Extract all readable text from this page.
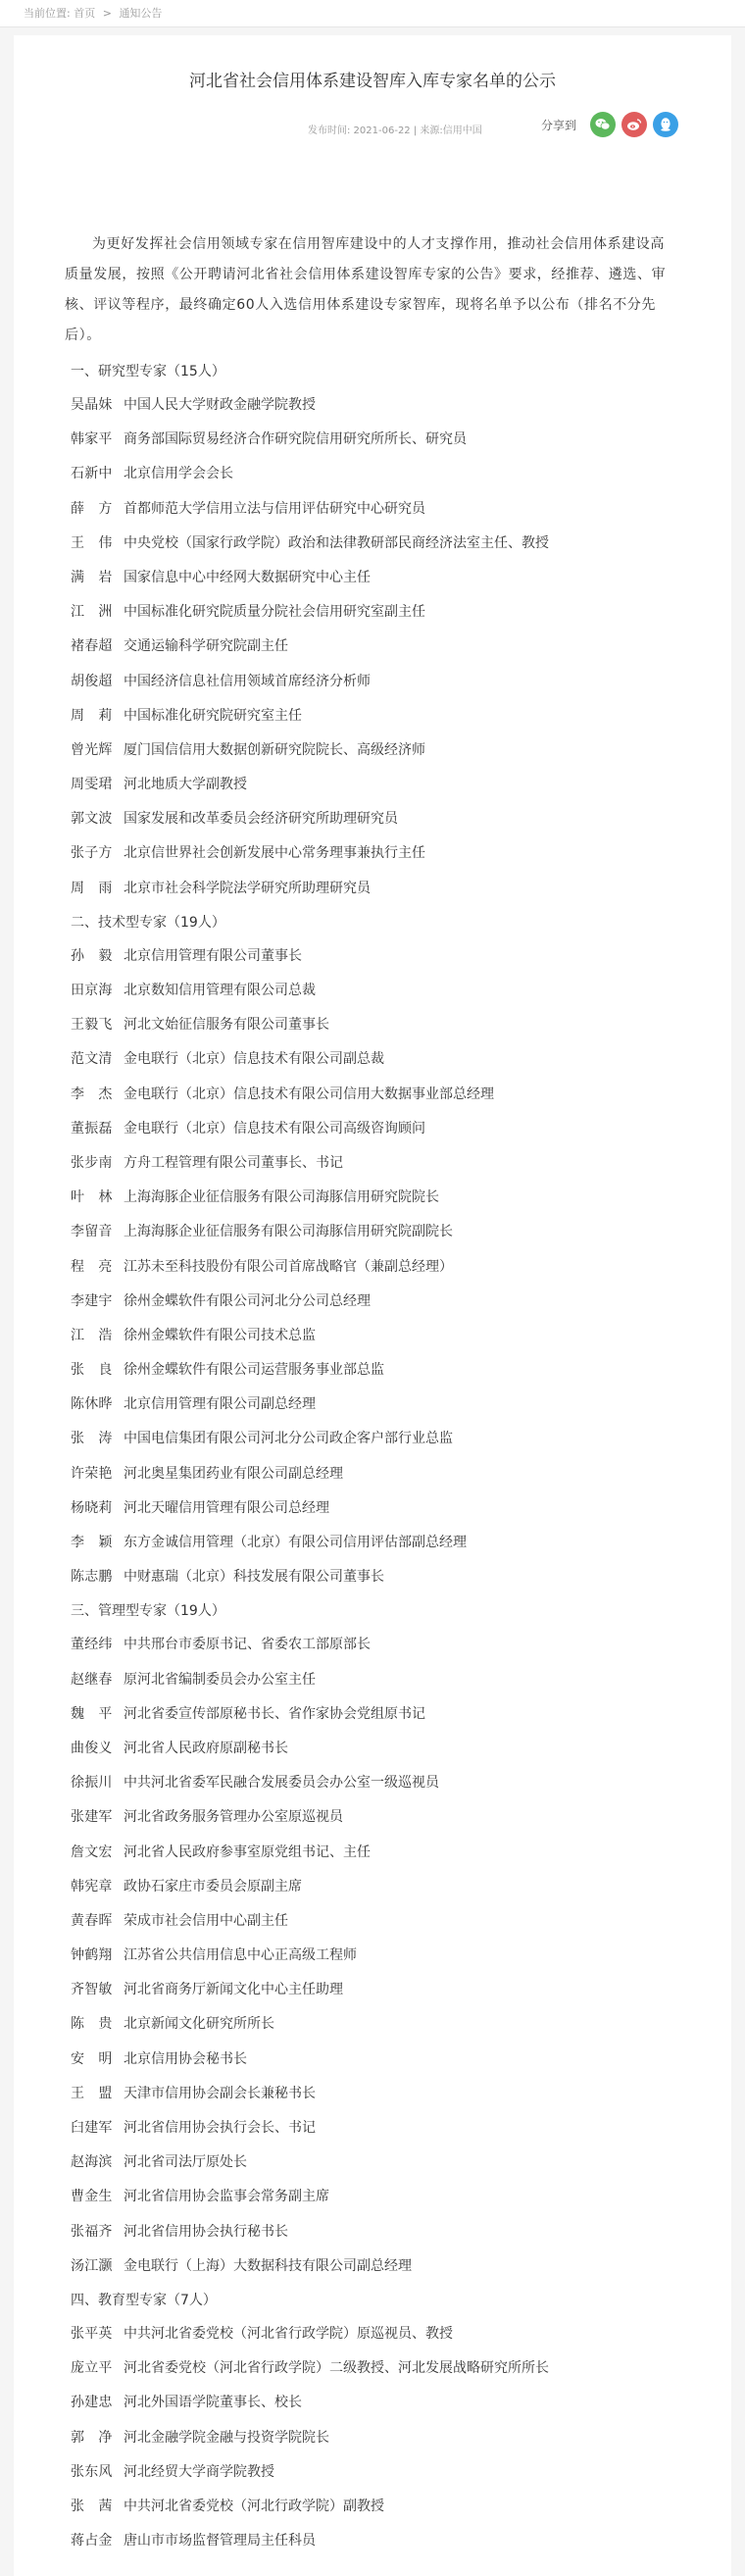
当前位置: 首页 > 通知公告
河北省社会信用体系建设智库入库专家名单的公示
发布时间: 2021-06-22 | 来源:信用中国	分享到

为更好发挥社会信用领域专家在信用智库建设中的人才支撑作用，推动社会信用体系建设高质量发展，按照《公开聘请河北省社会信用体系建设智库专家的公告》要求，经推荐、遴选、审核、评议等程序，最终确定60人入选信用体系建设专家智库，现将名单予以公布（排名不分先后）。

一、研究型专家（15人）
吴晶妹 中国人民大学财政金融学院教授
韩家平 商务部国际贸易经济合作研究院信用研究所所长、研究员
石新中 北京信用学会会长
薛　方 首都师范大学信用立法与信用评估研究中心研究员
王　伟 中央党校（国家行政学院）政治和法律教研部民商经济法室主任、教授
满　岩 国家信息中心中经网大数据研究中心主任
江　洲 中国标准化研究院质量分院社会信用研究室副主任
褚春超 交通运输科学研究院副主任
胡俊超 中国经济信息社信用领域首席经济分析师
周　莉 中国标准化研究院研究室主任
曾光辉 厦门国信信用大数据创新研究院院长、高级经济师
周雯珺 河北地质大学副教授
郭文波 国家发展和改革委员会经济研究所助理研究员
张子方 北京信世界社会创新发展中心常务理事兼执行主任
周　雨 北京市社会科学院法学研究所助理研究员
二、技术型专家（19人）
孙　毅 北京信用管理有限公司董事长
田京海 北京数知信用管理有限公司总裁
王毅飞 河北文始征信服务有限公司董事长
范文清 金电联行（北京）信息技术有限公司副总裁
李　杰 金电联行（北京）信息技术有限公司信用大数据事业部总经理
董振磊 金电联行（北京）信息技术有限公司高级咨询顾问
张步南 方舟工程管理有限公司董事长、书记
叶　林 上海海豚企业征信服务有限公司海豚信用研究院院长
李留音 上海海豚企业征信服务有限公司海豚信用研究院副院长
程　亮 江苏未至科技股份有限公司首席战略官（兼副总经理）
李建宇 徐州金蝶软件有限公司河北分公司总经理
江　浩 徐州金蝶软件有限公司技术总监
张　良 徐州金蝶软件有限公司运营服务事业部总监
陈休晔 北京信用管理有限公司副总经理
张　涛 中国电信集团有限公司河北分公司政企客户部行业总监
许荣艳 河北奥星集团药业有限公司副总经理
杨晓莉 河北天曜信用管理有限公司总经理
李　颖 东方金诚信用管理（北京）有限公司信用评估部副总经理
陈志鹏 中财惠瑞（北京）科技发展有限公司董事长
三、管理型专家（19人）
董经纬 中共邢台市委原书记、省委农工部原部长
赵继春 原河北省编制委员会办公室主任
魏　平 河北省委宣传部原秘书长、省作家协会党组原书记
曲俊义 河北省人民政府原副秘书长
徐振川 中共河北省委军民融合发展委员会办公室一级巡视员
张建军 河北省政务服务管理办公室原巡视员
詹文宏 河北省人民政府参事室原党组书记、主任
韩宪章 政协石家庄市委员会原副主席
黄春晖 荣成市社会信用中心副主任
钟鹤翔 江苏省公共信用信息中心正高级工程师
齐智敏 河北省商务厅新闻文化中心主任助理
陈　贵 北京新闻文化研究所所长
安　明 北京信用协会秘书长
王　盟 天津市信用协会副会长兼秘书长
臼建军 河北省信用协会执行会长、书记
赵海滨 河北省司法厅原处长
曹金生 河北省信用协会监事会常务副主席
张福齐 河北省信用协会执行秘书长
汤江灏 金电联行（上海）大数据科技有限公司副总经理
四、教育型专家（7人）
张平英 中共河北省委党校（河北省行政学院）原巡视员、教授
庞立平 河北省委党校（河北省行政学院）二级教授、河北发展战略研究所所长
孙建忠 河北外国语学院董事长、校长
郭　净 河北金融学院金融与投资学院院长
张东风 河北经贸大学商学院教授
张　茜 中共河北省委党校（河北行政学院）副教授
蒋占金 唐山市市场监督管理局主任科员
